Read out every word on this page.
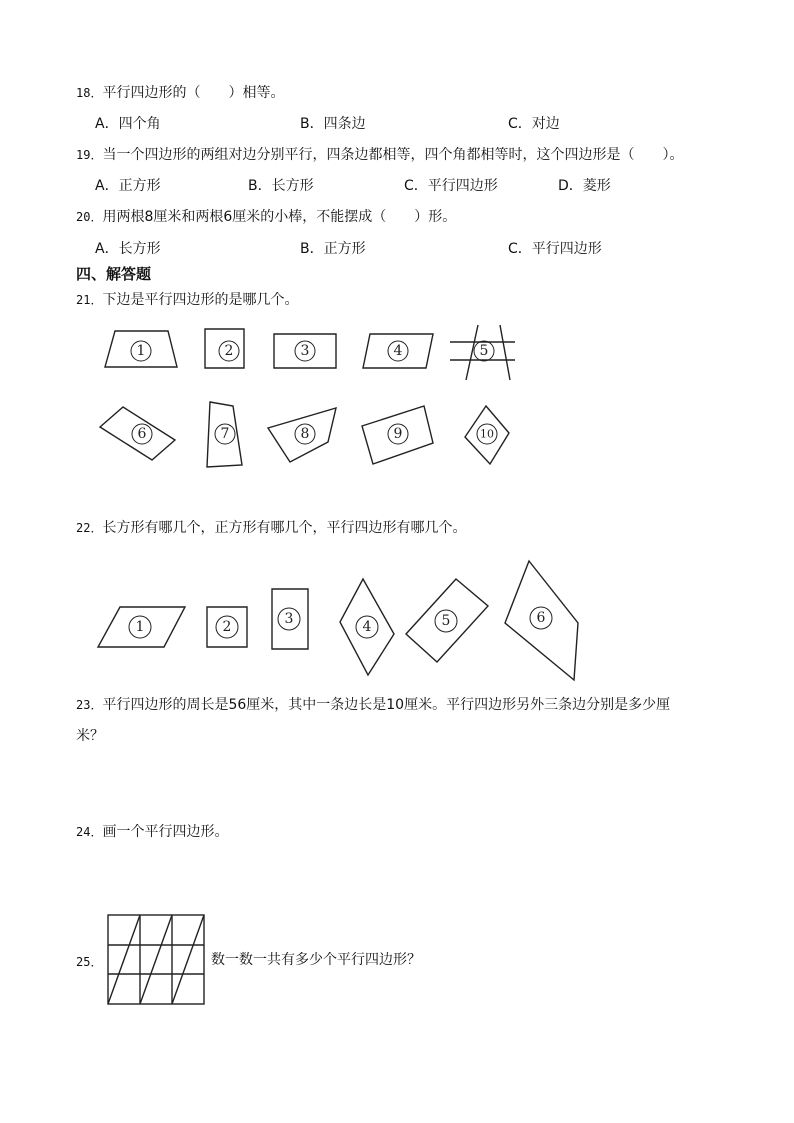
18．平行四边形的（　　）相等。
A．四个角	B．四条边	C．对边
19．当一个四边形的两组对边分别平行，四条边都相等，四个角都相等时，这个四边形是（　　）。
A．正方形	B．长方形	C．平行四边形	D．菱形
20．用两根8厘米和两根6厘米的小棒，不能摆成（　　）形。
A．长方形	B．正方形	C．平行四边形
四、解答题
21．下边是平行四边形的是哪几个。
1	2	3	4	5
6	7	8	9	10
22．长方形有哪几个，正方形有哪几个，平行四边形有哪几个。
1	2	3	4	5	6
23．平行四边形的周长是56厘米，其中一条边长是10厘米。平行四边形另外三条边分别是多少厘
米？
24．画一个平行四边形。
25．	数一数一共有多少个平行四边形？
